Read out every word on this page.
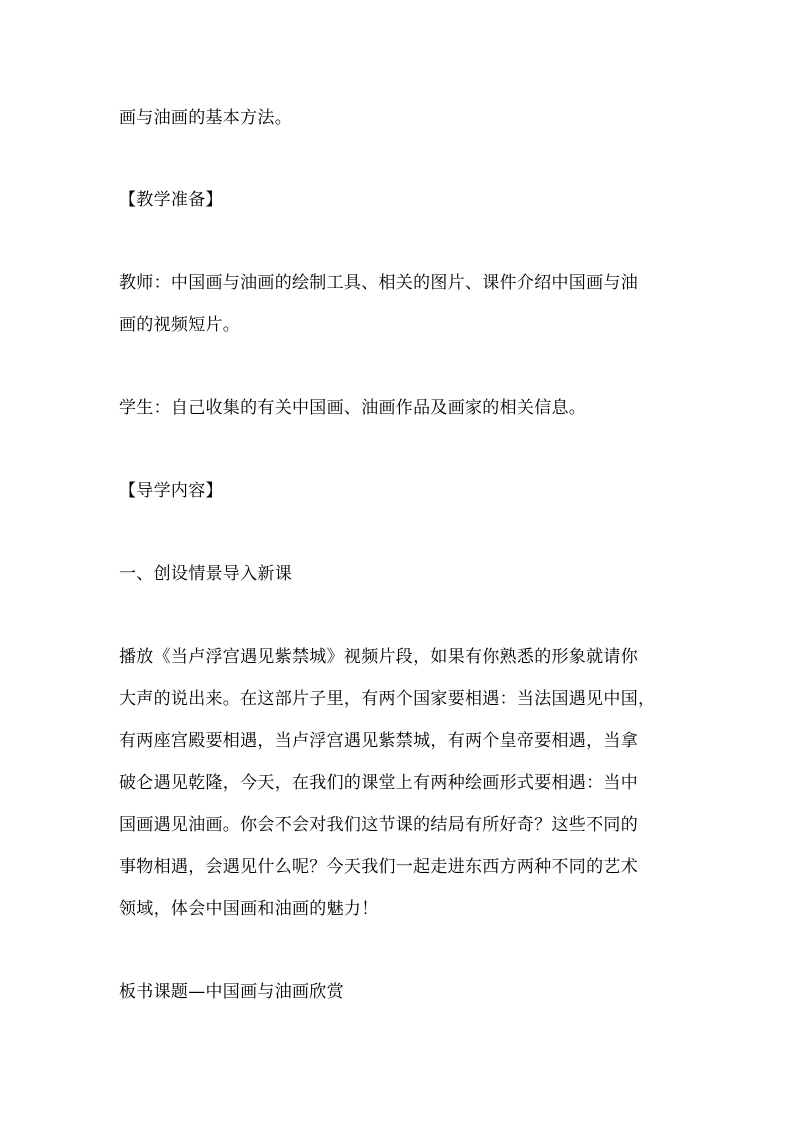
画与油画的基本方法。
【教学准备】
教师：中国画与油画的绘制工具、相关的图片、课件介绍中国画与油
画的视频短片。
学生：自己收集的有关中国画、油画作品及画家的相关信息。
【导学内容】
一、创设情景导入新课
播放《当卢浮宫遇见紫禁城》视频片段，如果有你熟悉的形象就请你
大声的说出来。在这部片子里，有两个国家要相遇：当法国遇见中国，
有两座宫殿要相遇，当卢浮宫遇见紫禁城，有两个皇帝要相遇，当拿
破仑遇见乾隆，今天，在我们的课堂上有两种绘画形式要相遇：当中
国画遇见油画。你会不会对我们这节课的结局有所好奇？这些不同的
事物相遇，会遇见什么呢？今天我们一起走进东西方两种不同的艺术
领域，体会中国画和油画的魅力！
板书课题—中国画与油画欣赏
